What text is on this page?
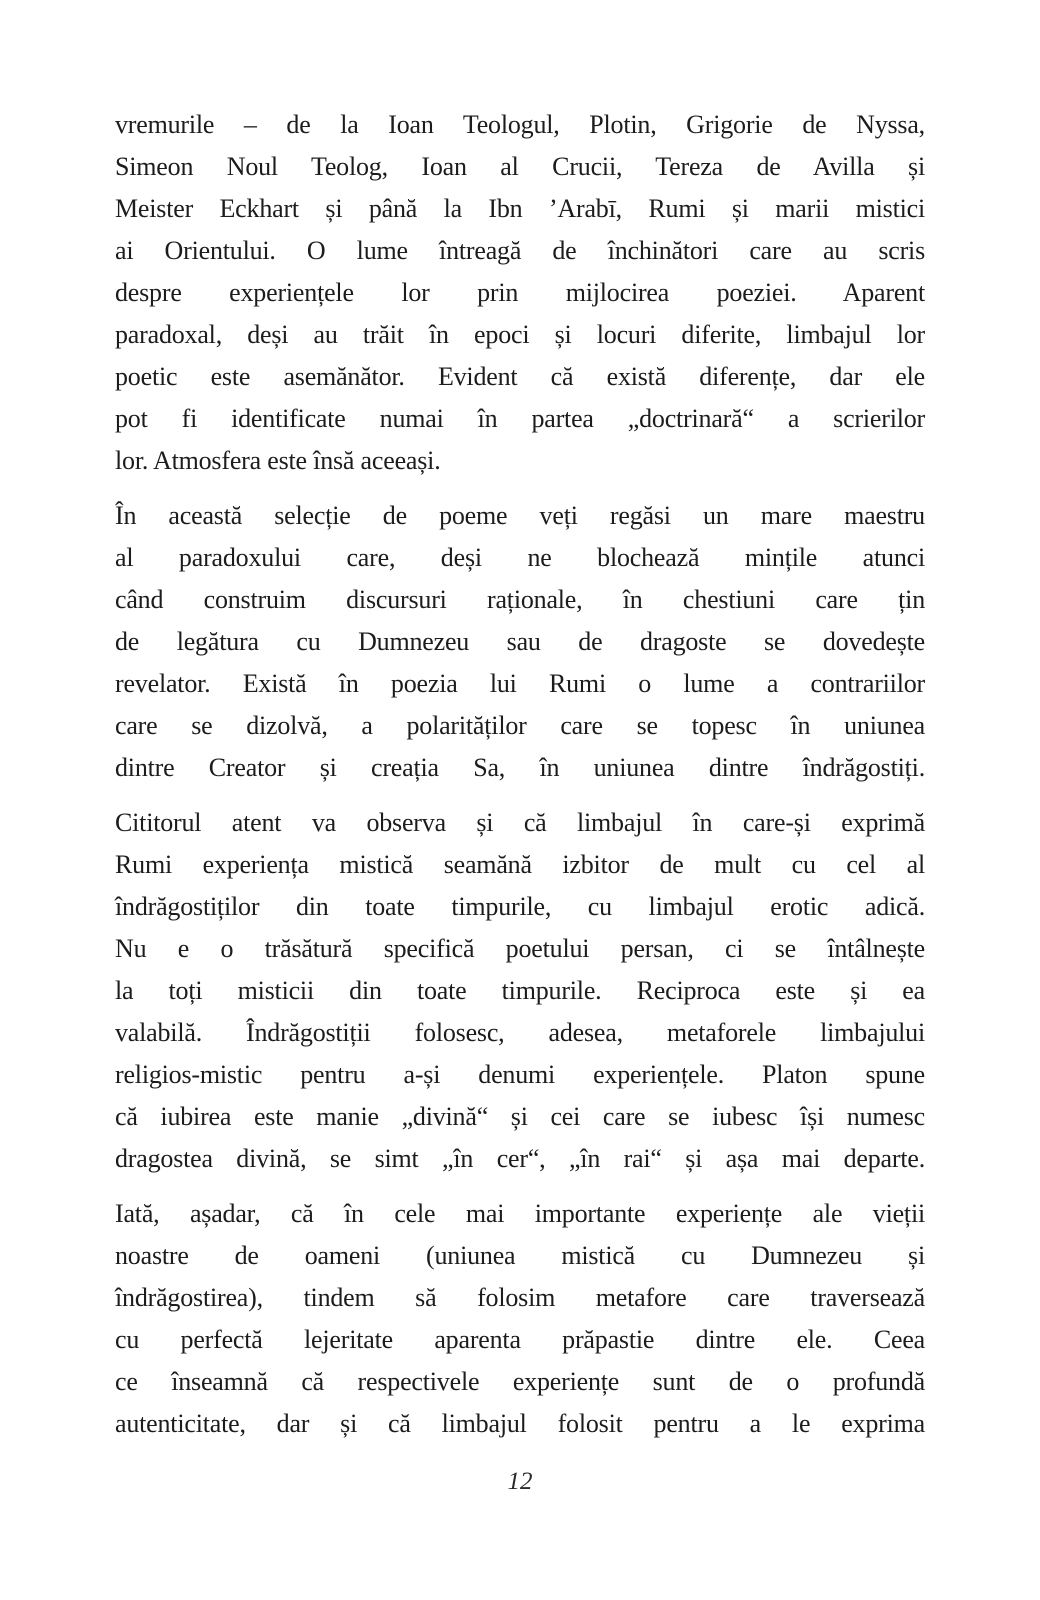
vremurile – de la Ioan Teologul, Plotin, Grigorie de Nyssa,
Simeon Noul Teolog, Ioan al Crucii, Tereza de Avilla și
Meister Eckhart și până la Ibn ’Arabī, Rumi și marii mistici
ai Orientului. O lume întreagă de închinători care au scris
despre experiențele lor prin mijlocirea poeziei. Aparent
paradoxal, deși au trăit în epoci și locuri diferite, limbajul lor
poetic este asemănător. Evident că există diferențe, dar ele
pot fi identificate numai în partea „doctrinară“ a scrierilor
lor. Atmosfera este însă aceeași.
În această selecție de poeme veți regăsi un mare maestru
al paradoxului care, deși ne blochează mințile atunci
când construim discursuri raționale, în chestiuni care țin
de legătura cu Dumnezeu sau de dragoste se dovedește
revelator. Există în poezia lui Rumi o lume a contrariilor
care se dizolvă, a polarităților care se topesc în uniunea
dintre Creator și creația Sa, în uniunea dintre îndrăgostiți.
Cititorul atent va observa și că limbajul în care-și exprimă
Rumi experiența mistică seamănă izbitor de mult cu cel al
îndrăgostiților din toate timpurile, cu limbajul erotic adică.
Nu e o trăsătură specifică poetului persan, ci se întâlnește
la toți misticii din toate timpurile. Reciproca este și ea
valabilă. Îndrăgostiții folosesc, adesea, metaforele limbajului
religios-mistic pentru a-și denumi experiențele. Platon spune
că iubirea este manie „divină“ și cei care se iubesc își numesc
dragostea divină, se simt „în cer“, „în rai“ și așa mai departe.
Iată, așadar, că în cele mai importante experiențe ale vieții
noastre de oameni (uniunea mistică cu Dumnezeu și
îndrăgostirea), tindem să folosim metafore care traversează
cu perfectă lejeritate aparenta prăpastie dintre ele. Ceea
ce înseamnă că respectivele experiențe sunt de o profundă
autenticitate, dar și că limbajul folosit pentru a le exprima
12
